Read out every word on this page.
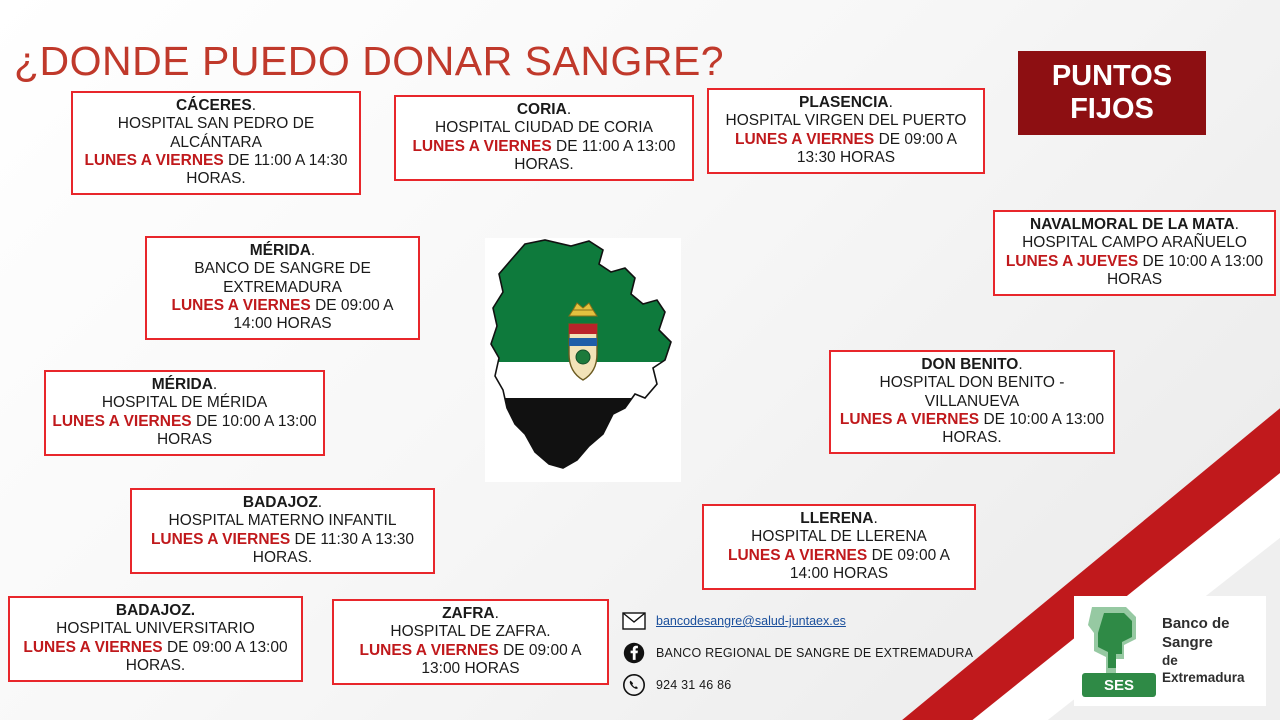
¿DONDE PUEDO DONAR SANGRE?	PUNTOS
FIJOS
CÁCERES.
HOSPITAL SAN PEDRO DE ALCÁNTARA
LUNES A VIERNES DE 11:00 A 14:30 HORAS.
CORIA.
HOSPITAL CIUDAD DE CORIA
LUNES A VIERNES DE 11:00 A 13:00 HORAS.
PLASENCIA.
HOSPITAL VIRGEN DEL PUERTO
LUNES A VIERNES DE 09:00 A 13:30 HORAS
NAVALMORAL DE LA MATA.
HOSPITAL CAMPO ARAÑUELO
LUNES A JUEVES DE 10:00 A 13:00 HORAS
MÉRIDA.
BANCO DE SANGRE DE EXTREMADURA
LUNES A VIERNES DE 09:00 A 14:00 HORAS
MÉRIDA.
HOSPITAL DE MÉRIDA
LUNES A VIERNES DE 10:00 A 13:00 HORAS
DON BENITO.
HOSPITAL DON BENITO - VILLANUEVA
LUNES A VIERNES DE 10:00 A 13:00 HORAS.
BADAJOZ.
HOSPITAL MATERNO INFANTIL
LUNES A VIERNES DE 11:30 A 13:30 HORAS.
LLERENA.
HOSPITAL DE LLERENA
LUNES A VIERNES DE 09:00 A 14:00 HORAS
BADAJOZ.
HOSPITAL UNIVERSITARIO
LUNES A VIERNES DE 09:00 A 13:00 HORAS.
ZAFRA.
HOSPITAL DE ZAFRA.
LUNES A VIERNES DE 09:00 A 13:00 HORAS
bancodesangre@salud-juntaex.es
BANCO REGIONAL DE SANGRE DE EXTREMADURA
924 31 46 86	SES
Banco de Sangre
de
Extremadura
